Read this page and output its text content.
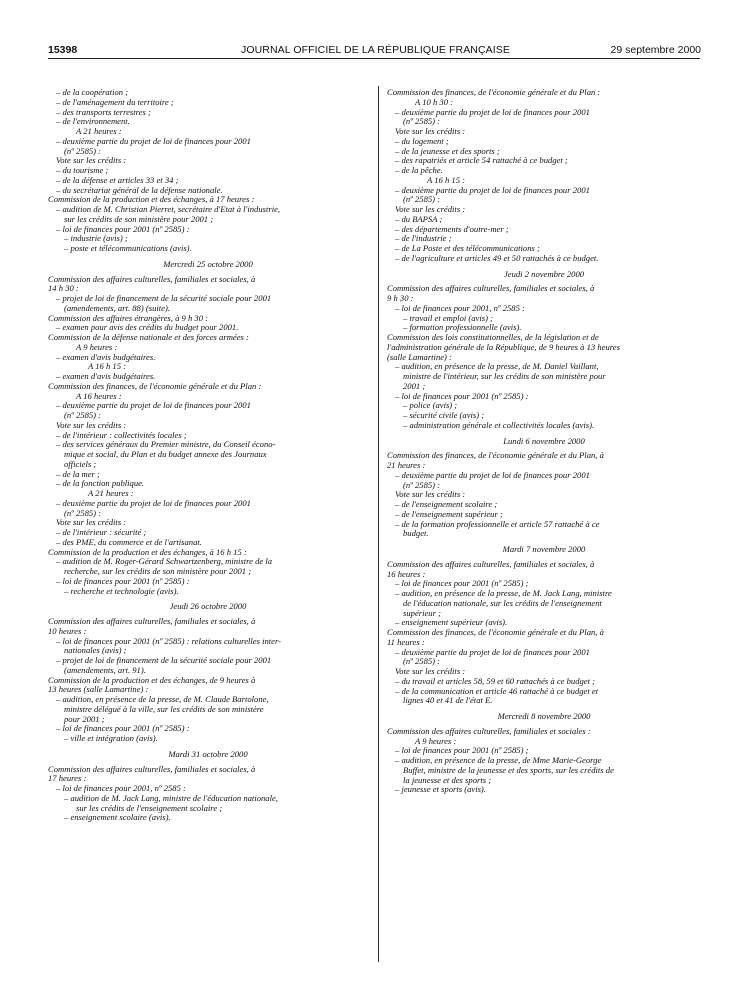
15398	JOURNAL OFFICIEL DE LA RÉPUBLIQUE FRANÇAISE	29 septembre 2000
– de la coopération ;
– de l'aménagement du territoire ;
– des transports terrestres ;
– de l'environnement.
A 21 heures :
– deuxième partie du projet de loi de finances pour 2001
(nº 2585) :
Vote sur les crédits :
– du tourisme ;
– de la défense et articles 33 et 34 ;
– du secrétariat général de la défense nationale.
Commission de la production et des échanges, à 17 heures :
– audition de M. Christian Pierret, secrétaire d'Etat à l'industrie,
sur les crédits de son ministère pour 2001 ;
– loi de finances pour 2001 (nº 2585) :
– industrie (avis) ;
– poste et télécommunications (avis).
Mercredi 25 octobre 2000
Commission des affaires culturelles, familiales et sociales, à
14 h 30 :
– projet de loi de financement de la sécurité sociale pour 2001
(amendements, art. 88) (suite).
Commission des affaires étrangères, à 9 h 30 :
– examen pour avis des crédits du budget pour 2001.
Commission de la défense nationale et des forces armées :
A 9 heures :
– examen d'avis budgétaires.
A 16 h 15 :
– examen d'avis budgétaires.
Commission des finances, de l'économie générale et du Plan :
A 16 heures :
– deuxième partie du projet de loi de finances pour 2001
(nº 2585) :
Vote sur les crédits :
– de l'intérieur : collectivités locales ;
– des services généraux du Premier ministre, du Conseil écono-
mique et social, du Plan et du budget annexe des Journaux
officiels ;
– de la mer ;
– de la fonction publique.
A 21 heures :
– deuxième partie du projet de loi de finances pour 2001
(nº 2585) :
Vote sur les crédits :
– de l'intérieur : sécurité ;
– des PME, du commerce et de l'artisanat.
Commission de la production et des échanges, à 16 h 15 :
– audition de M. Roger-Gérard Schwartzenberg, ministre de la
recherche, sur les crédits de son ministère pour 2001 ;
– loi de finances pour 2001 (nº 2585) :
– recherche et technologie (avis).
Jeudi 26 octobre 2000
Commission des affaires culturelles, familiales et sociales, à
10 heures :
– loi de finances pour 2001 (nº 2585) : relations culturelles inter-
nationales (avis) ;
– projet de loi de financement de la sécurité sociale pour 2001
(amendements, art. 91).
Commission de la production et des échanges, de 9 heures à
13 heures (salle Lamartine) :
– audition, en présence de la presse, de M. Claude Bartolone,
ministre délégué à la ville, sur les crédits de son ministère
pour 2001 ;
– loi de finances pour 2001 (nº 2585) :
– ville et intégration (avis).
Mardi 31 octobre 2000
Commission des affaires culturelles, familiales et sociales, à
17 heures :
– loi de finances pour 2001, nº 2585 :
– audition de M. Jack Lang, ministre de l'éducation nationale,
sur les crédits de l'enseignement scolaire ;
– enseignement scolaire (avis).
Commission des finances, de l'économie générale et du Plan :
A 10 h 30 :
– deuxième partie du projet de loi de finances pour 2001
(nº 2585) :
Vote sur les crédits :
– du logement ;
– de la jeunesse et des sports ;
– des rapatriés et article 54 rattaché à ce budget ;
– de la pêche.
A 16 h 15 :
– deuxième partie du projet de loi de finances pour 2001
(nº 2585) :
Vote sur les crédits :
– du BAPSA ;
– des départements d'outre-mer ;
– de l'industrie ;
– de La Poste et des télécommunications ;
– de l'agriculture et articles 49 et 50 rattachés à ce budget.
Jeudi 2 novembre 2000
Commission des affaires culturelles, familiales et sociales, à
9 h 30 :
– loi de finances pour 2001, nº 2585 :
– travail et emploi (avis) ;
– formation professionnelle (avis).
Commission des lois constitutionnelles, de la législation et de
l'administration générale de la République, de 9 heures à 13 heures
(salle Lamartine) :
– audition, en présence de la presse, de M. Daniel Vaillant,
ministre de l'intérieur, sur les crédits de son ministère pour
2001 ;
– loi de finances pour 2001 (nº 2585) :
– police (avis) ;
– sécurité civile (avis) ;
– administration générale et collectivités locales (avis).
Lundi 6 novembre 2000
Commission des finances, de l'économie générale et du Plan, à
21 heures :
– deuxième partie du projet de loi de finances pour 2001
(nº 2585) :
Vote sur les crédits :
– de l'enseignement scolaire ;
– de l'enseignement supérieur ;
– de la formation professionnelle et article 57 rattaché à ce
budget.
Mardi 7 novembre 2000
Commission des affaires culturelles, familiales et sociales, à
16 heures :
– loi de finances pour 2001 (nº 2585) ;
– audition, en présence de la presse, de M. Jack Lang, ministre
de l'éducation nationale, sur les crédits de l'enseignement
supérieur ;
– enseignement supérieur (avis).
Commission des finances, de l'économie générale et du Plan, à
11 heures :
– deuxième partie du projet de loi de finances pour 2001
(nº 2585) :
Vote sur les crédits :
– du travail et articles 58, 59 et 60 rattachés à ce budget ;
– de la communication et article 46 rattaché à ce budget et
lignes 40 et 41 de l'état E.
Mercredi 8 novembre 2000
Commission des affaires culturelles, familiales et sociales :
A 9 heures :
– loi de finances pour 2001 (nº 2585) ;
– audition, en présence de la presse, de Mme Marie-George
Buffet, ministre de la jeunesse et des sports, sur les crédits de
la jeunesse et des sports ;
– jeunesse et sports (avis).
